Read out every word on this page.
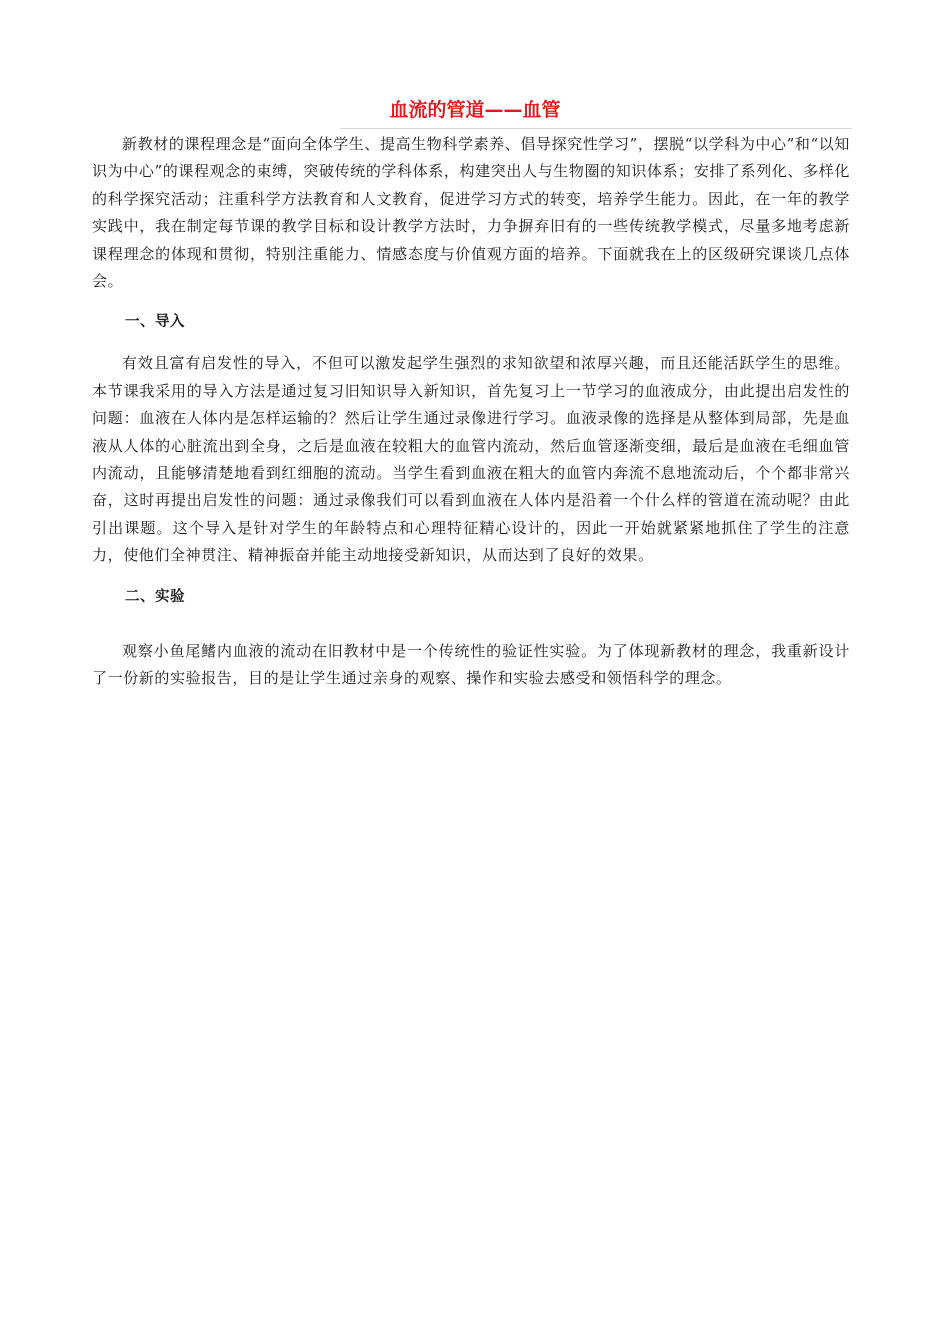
血流的管道——血管

新教材的课程理念是“面向全体学生、提高生物科学素养、倡导探究性学习”，摆脱“以学科为中心”和“以知识为中心”的课程观念的束缚，突破传统的学科体系，构建突出人与生物圈的知识体系；安排了系列化、多样化的科学探究活动；注重科学方法教育和人文教育，促进学习方式的转变，培养学生能力。因此，在一年的教学实践中，我在制定每节课的教学目标和设计教学方法时，力争摒弃旧有的一些传统教学模式，尽量多地考虑新课程理念的体现和贯彻，特别注重能力、情感态度与价值观方面的培养。下面就我在上的区级研究课谈几点体会。

一、导入

有效且富有启发性的导入，不但可以激发起学生强烈的求知欲望和浓厚兴趣，而且还能活跃学生的思维。本节课我采用的导入方法是通过复习旧知识导入新知识，首先复习上一节学习的血液成分，由此提出启发性的问题：血液在人体内是怎样运输的？然后让学生通过录像进行学习。血液录像的选择是从整体到局部，先是血液从人体的心脏流出到全身，之后是血液在较粗大的血管内流动，然后血管逐渐变细，最后是血液在毛细血管内流动，且能够清楚地看到红细胞的流动。当学生看到血液在粗大的血管内奔流不息地流动后，个个都非常兴奋，这时再提出启发性的问题：通过录像我们可以看到血液在人体内是沿着一个什么样的管道在流动呢？由此引出课题。这个导入是针对学生的年龄特点和心理特征精心设计的，因此一开始就紧紧地抓住了学生的注意力，使他们全神贯注、精神振奋并能主动地接受新知识，从而达到了良好的效果。

二、实验

观察小鱼尾鳍内血液的流动在旧教材中是一个传统性的验证性实验。为了体现新教材的理念，我重新设计了一份新的实验报告，目的是让学生通过亲身的观察、操作和实验去感受和领悟科学的理念。
